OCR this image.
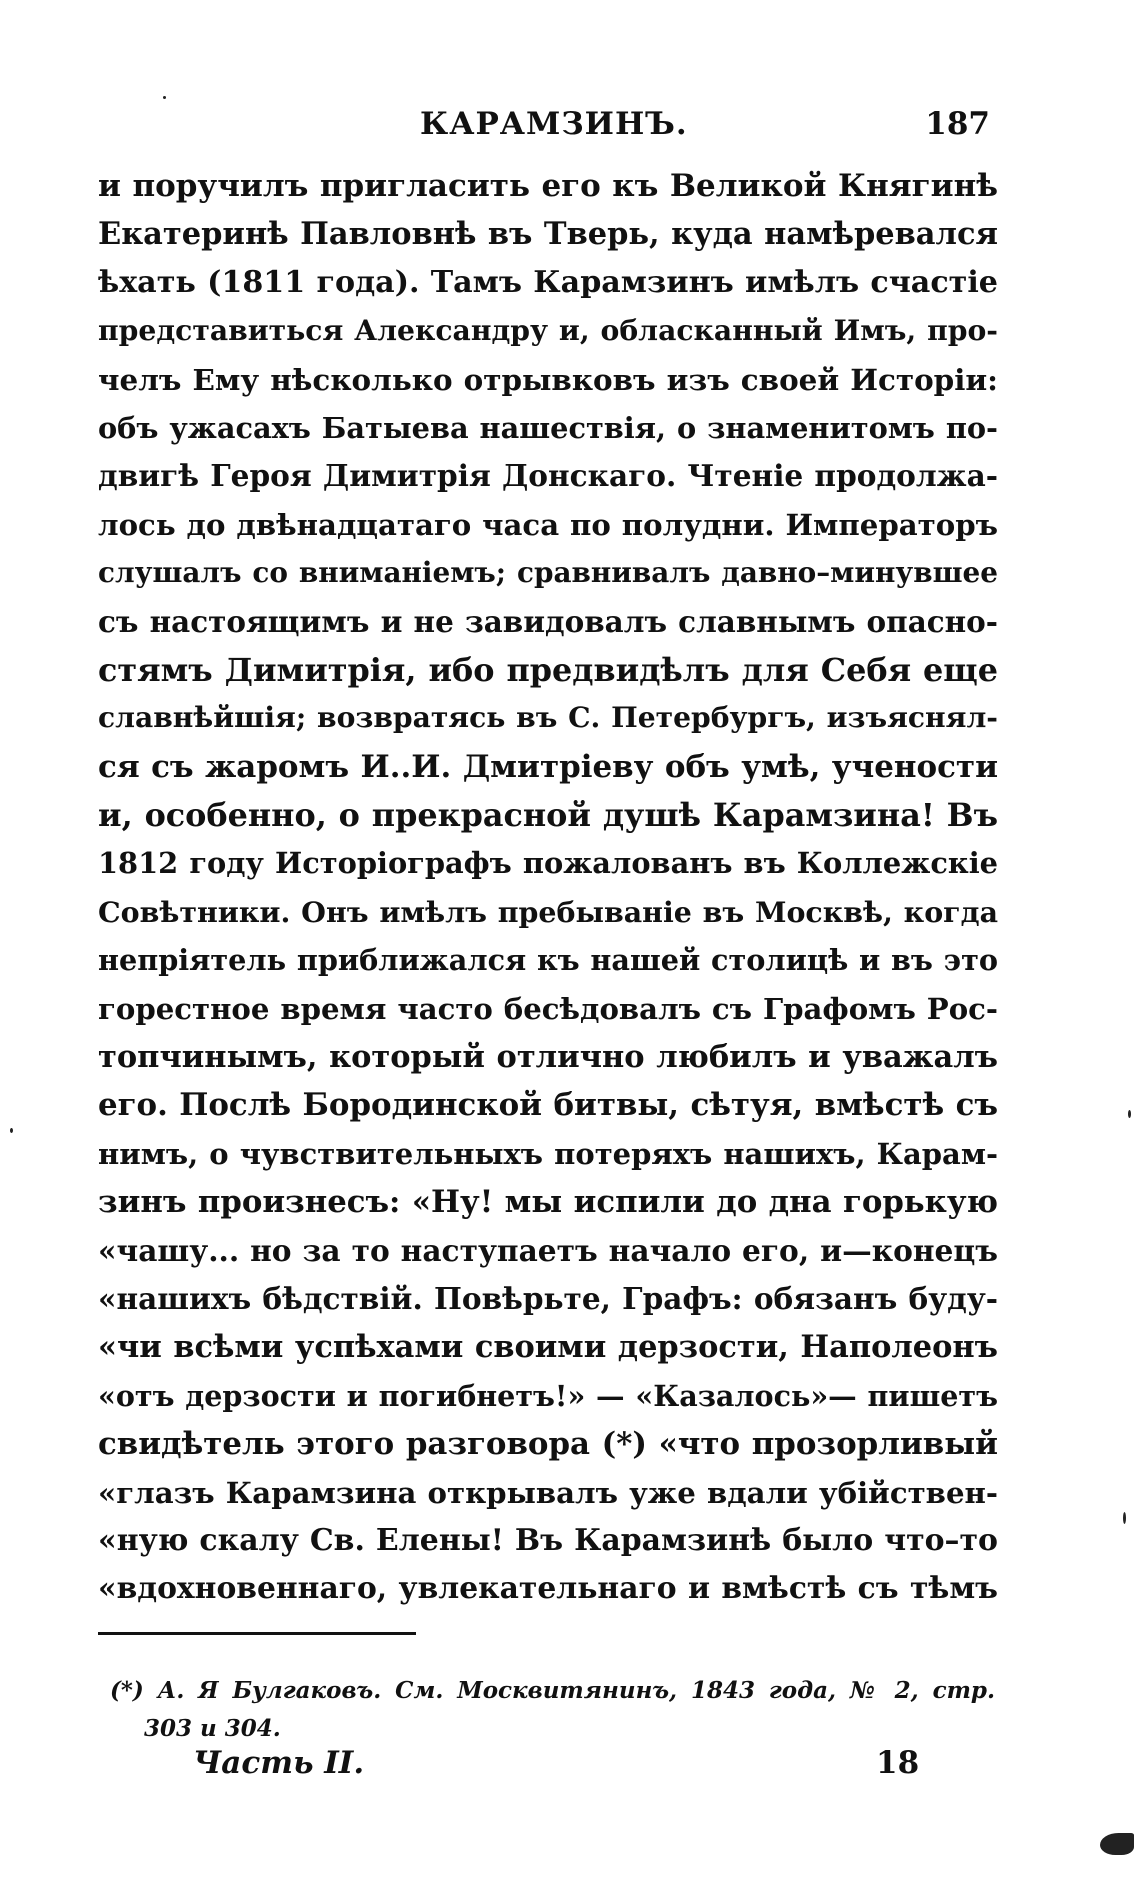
КАРАМЗИНЪ.	187
и поручилъ пригласить его къ Великой Княгинѣ
Екатеринѣ Павловнѣ въ Тверь, куда намѣревался
ѣхать (1811 года). Тамъ Карамзинъ имѣлъ счастіе
представиться Александру и, обласканный Имъ, про-
челъ Ему нѣсколько отрывковъ изъ своей Исторіи:
объ ужасахъ Батыева нашествія, о знаменитомъ по-
двигѣ Героя Димитрія Донскаго. Чтеніе продолжа-
лось до двѣнадцатаго часа по полудни. Императоръ
слушалъ со вниманіемъ; сравнивалъ давно–минувшее
съ настоящимъ и не завидовалъ славнымъ опасно-
стямъ Димитрія, ибо предвидѣлъ для Себя еще
славнѣйшія; возвратясь въ С. Петербургъ, изъяснял-
ся съ жаромъ И..И. Дмитріеву объ умѣ, учености
и, особенно, о прекрасной душѣ Карамзина! Въ
1812 году Исторіографъ пожалованъ въ Коллежскіе
Совѣтники. Онъ имѣлъ пребываніе въ Москвѣ, когда
непріятель приближался къ нашей столицѣ и въ это
горестное время часто бесѣдовалъ съ Графомъ Рос-
топчинымъ, который отлично любилъ и уважалъ
его. Послѣ Бородинской битвы, сѣтуя, вмѣстѣ съ
нимъ, о чувствительныхъ потеряхъ нашихъ, Карам-
зинъ произнесъ: «Ну! мы испили до дна горькую
«чашу... но за то наступаетъ начало его, и—конецъ
«нашихъ бѣдствій. Повѣрьте, Графъ: обязанъ буду-
«чи всѣми успѣхами своими дерзости, Наполеонъ
«отъ дерзости и погибнетъ!» — «Казалось»— пишетъ
свидѣтель этого разговора (*) «что прозорливый
«глазъ Карамзина открывалъ уже вдали убійствен-
«ную скалу Св. Елены! Въ Карамзинѣ было что–то
«вдохновеннаго, увлекательнаго и вмѣстѣ съ тѣмъ
(*) А. Я Булгаковъ. См. Москвитянинъ, 1843 года, № 2, стр.
303 и 304.
Часть II.	18
